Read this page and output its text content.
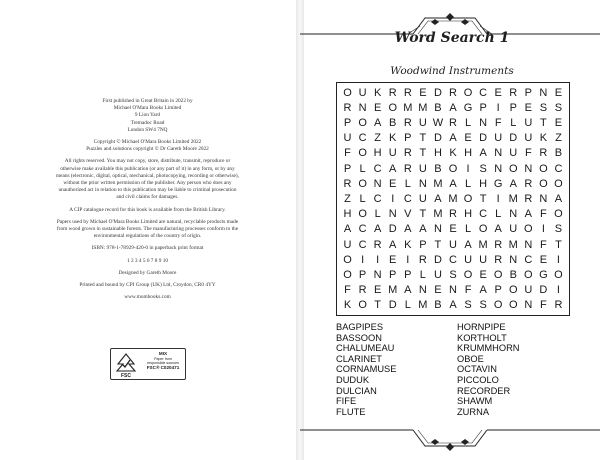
First published in Great Britain in 2022 by
Michael O'Mara Books Limited
9 Lion Yard
Tremadoc Road
London SW4 7NQ
Copyright © Michael O'Mara Books Limited 2022
Puzzles and solutions copyright © Dr Gareth Moore 2022
All rights reserved. You may not copy, store, distribute, transmit, reproduce or
otherwise make available this publication (or any part of it) in any form, or by any
means (electronic, digital, optical, mechanical, photocopying, recording or otherwise),
without the prior written permission of the publisher. Any person who does any
unauthorized act in relation to this publication may be liable to criminal prosecution
and civil claims for damages.
A CIP catalogue record for this book is available from the British Library.
Papers used by Michael O'Mara Books Limited are natural, recyclable products made
from wood grown in sustainable forests. The manufacturing processes conform to the
environmental regulations of the country of origin.
ISBN: 978-1-78929-420-0 in paperback print format
1 2 3 4 5 6 7 8 9 10
Designed by Gareth Moore
Printed and bound by CPI Group (UK) Ltd, Croydon, CR0 4YY
www.mombooks.com
FSC
MIX
Paper from
responsible sources
FSC® C020471
Word Search 1
Woodwind Instruments
O U K R R E D R O C E R P N E
R N E O M M B A G P I P E S S
P O A B R U W R L N F L U T E
U C Z K P T D A E D U D U K Z
F O H U R T H K H A N U F R B
P L C A R U B O I S N O N O C
R O N E L N M A L H G A R O O
Z L C I C U A M O T I M R N A
H O L N V T M R H C L N A F O
A C A D A A N E L O A U O I S
U C R A K P T U A M R M N F T
O I	I E I R D C U U R N C E I
O P N P P L U S O E O B O G O
F R E M A N E N F A P O U D I
K O T D L M B A S S O O N F R
BAGPIPES
BASSOON
CHALUMEAU
CLARINET
CORNAMUSE
DUDUK
DULCIAN
FIFE
FLUTE
HORNPIPE
KORTHOLT
KRUMMHORN
OBOE
OCTAVIN
PICCOLO
RECORDER
SHAWM
ZURNA
